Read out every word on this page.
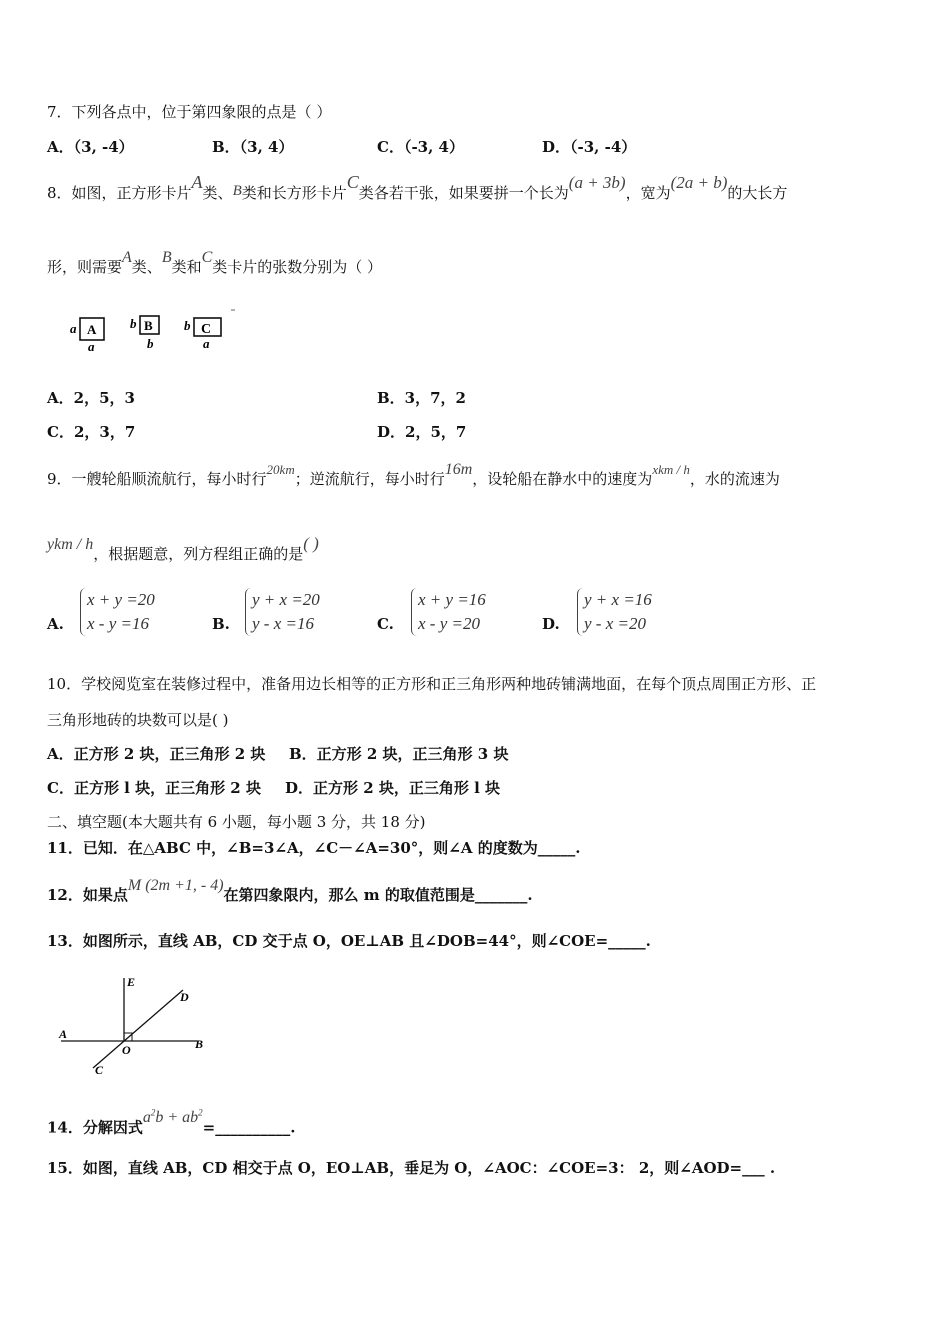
7．下列各点中，位于第四象限的点是（ ）
A．（3, -4）	B．（3, 4）	C．（-3, 4）	D．（-3, -4）
8．如图，正方形卡片A类、B类和长方形卡片C类各若干张，如果要拼一个长为(a + 3b)，宽为(2a + b)的大长方
形，则需要A类、B类和C类卡片的张数分别为（ ）
a A
a
b B
b
b C
a
A．2，5，3	B．3，7，2
C．2，3，7	D．2，5，7
9．一艘轮船顺流航行，每小时行20km；逆流航行，每小时行16m，设轮船在静水中的速度为xkm / h，水的流速为
ykm / h，根据题意，列方程组正确的是( )
A.
x + y =20
x - y =16	B.
y + x =20
y - x =16	C.
x + y =16
x - y =20	D.
y + x =16
y - x =20
10．学校阅览室在装修过程中，准备用边长相等的正方形和正三角形两种地砖铺满地面，在每个顶点周围正方形、正
三角形地砖的块数可以是( )
A．正方形 2 块，正三角形 2 块 B．正方形 2 块，正三角形 3 块
C．正方形 l 块，正三角形 2 块 D．正方形 2 块，正三角形 l 块
二、填空题(本大题共有 6 小题，每小题 3 分，共 18 分)
11．已知．在△ABC 中，∠B=3∠A，∠C－∠A=30°，则∠A 的度数为_____.
12．如果点M (2m +1, - 4)在第四象限内，那么 m 的取值范围是_______.
13．如图所示，直线 AB，CD 交于点 O，OE⊥AB 且∠DOB=44°，则∠COE=_____.
A
B
C
D
E
O
14．分解因式$a^2b$ + $ab^2=\_\_\_\_\_\_\_\_\_\_$.
15．如图，直线 AB，CD 相交于点 O，EO⊥AB，垂足为 O，∠AOC：∠COE=3： 2，则∠AOD=___ .
